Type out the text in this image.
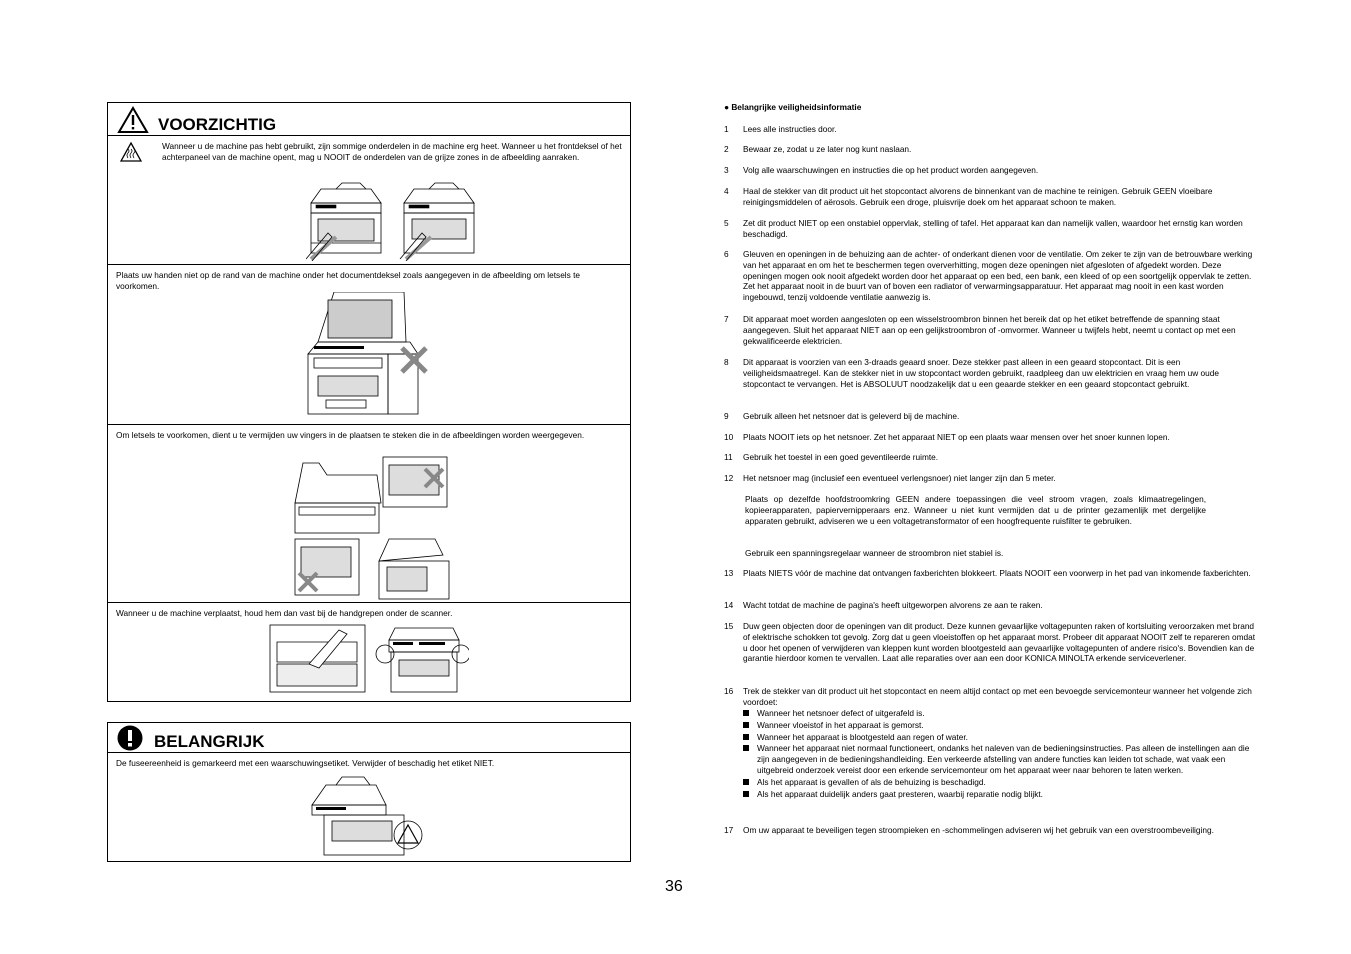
VOORZICHTIG
Wanneer u de machine pas hebt gebruikt, zijn sommige onderdelen in de machine erg heet. Wanneer u het frontdeksel of het achterpaneel van de machine opent, mag u NOOIT de onderdelen van de grijze zones in de afbeelding aanraken.
Plaats uw handen niet op de rand van de machine onder het documentdeksel zoals aangegeven in de afbeelding om letsels te voorkomen.
Om letsels te voorkomen, dient u te vermijden uw vingers in de plaatsen te steken die in de afbeeldingen worden weergegeven.
Wanneer u de machine verplaatst, houd hem dan vast bij de handgrepen onder de scanner.
BELANGRIJK
De fuseereenheid is gemarkeerd met een waarschuwingsetiket. Verwijder of beschadig het etiket NIET.
● Belangrijke veiligheidsinformatie
1 Lees alle instructies door.
2 Bewaar ze, zodat u ze later nog kunt naslaan.
3 Volg alle waarschuwingen en instructies die op het product worden aangegeven.
4 Haal de stekker van dit product uit het stopcontact alvorens de binnenkant van de machine te reinigen. Gebruik GEEN vloeibare reinigingsmiddelen of aërosols. Gebruik een droge, pluisvrije doek om het apparaat schoon te maken.
5 Zet dit product NIET op een onstabiel oppervlak, stelling of tafel. Het apparaat kan dan namelijk vallen, waardoor het ernstig kan worden beschadigd.
6 Gleuven en openingen in de behuizing aan de achter- of onderkant dienen voor de ventilatie. Om zeker te zijn van de betrouwbare werking van het apparaat en om het te beschermen tegen oververhitting, mogen deze openingen niet afgesloten of afgedekt worden. Deze openingen mogen ook nooit afgedekt worden door het apparaat op een bed, een bank, een kleed of op een soortgelijk oppervlak te zetten. Zet het apparaat nooit in de buurt van of boven een radiator of verwarmingsapparatuur. Het apparaat mag nooit in een kast worden ingebouwd, tenzij voldoende ventilatie aanwezig is.
7 Dit apparaat moet worden aangesloten op een wisselstroombron binnen het bereik dat op het etiket betreffende de spanning staat aangegeven. Sluit het apparaat NIET aan op een gelijkstroombron of -omvormer. Wanneer u twijfels hebt, neemt u contact op met een gekwalificeerde elektricien.
8 Dit apparaat is voorzien van een 3-draads geaard snoer. Deze stekker past alleen in een geaard stopcontact. Dit is een veiligheidsmaatregel. Kan de stekker niet in uw stopcontact worden gebruikt, raadpleeg dan uw elektricien en vraag hem uw oude stopcontact te vervangen. Het is ABSOLUUT noodzakelijk dat u een geaarde stekker en een geaard stopcontact gebruikt.
9 Gebruik alleen het netsnoer dat is geleverd bij de machine.
10 Plaats NOOIT iets op het netsnoer. Zet het apparaat NIET op een plaats waar mensen over het snoer kunnen lopen.
11 Gebruik het toestel in een goed geventileerde ruimte.
12 Het netsnoer mag (inclusief een eventueel verlengsnoer) niet langer zijn dan 5 meter.
Plaats op dezelfde hoofdstroomkring GEEN andere toepassingen die veel stroom vragen, zoals klimaatregelingen, kopieerapparaten, papiervernipperaars enz. Wanneer u niet kunt vermijden dat u de printer gezamenlijk met dergelijke apparaten gebruikt, adviseren we u een voltagetransformator of een hoogfrequente ruisfilter te gebruiken.
Gebruik een spanningsregelaar wanneer de stroombron niet stabiel is.
13 Plaats NIETS vóór de machine dat ontvangen faxberichten blokkeert. Plaats NOOIT een voorwerp in het pad van inkomende faxberichten.
14 Wacht totdat de machine de pagina's heeft uitgeworpen alvorens ze aan te raken.
15 Duw geen objecten door de openingen van dit product. Deze kunnen gevaarlijke voltagepunten raken of kortsluiting veroorzaken met brand of elektrische schokken tot gevolg. Zorg dat u geen vloeistoffen op het apparaat morst. Probeer dit apparaat NOOIT zelf te repareren omdat u door het openen of verwijderen van kleppen kunt worden blootgesteld aan gevaarlijke voltagepunten of andere risico's. Bovendien kan de garantie hierdoor komen te vervallen. Laat alle reparaties over aan een door KONICA MINOLTA erkende serviceverlener.
16 Trek de stekker van dit product uit het stopcontact en neem altijd contact op met een bevoegde servicemonteur wanneer het volgende zich voordoet:
Wanneer het netsnoer defect of uitgerafeld is.
Wanneer vloeistof in het apparaat is gemorst.
Wanneer het apparaat is blootgesteld aan regen of water.
Wanneer het apparaat niet normaal functioneert, ondanks het naleven van de bedieningsinstructies. Pas alleen de instellingen aan die zijn aangegeven in de bedieningshandleiding. Een verkeerde afstelling van andere functies kan leiden tot schade, wat vaak een uitgebreid onderzoek vereist door een erkende servicemonteur om het apparaat weer naar behoren te laten werken.
Als het apparaat is gevallen of als de behuizing is beschadigd.
Als het apparaat duidelijk anders gaat presteren, waarbij reparatie nodig blijkt.
17 Om uw apparaat te beveiligen tegen stroompieken en -schommelingen adviseren wij het gebruik van een overstroombeveiliging.
36
